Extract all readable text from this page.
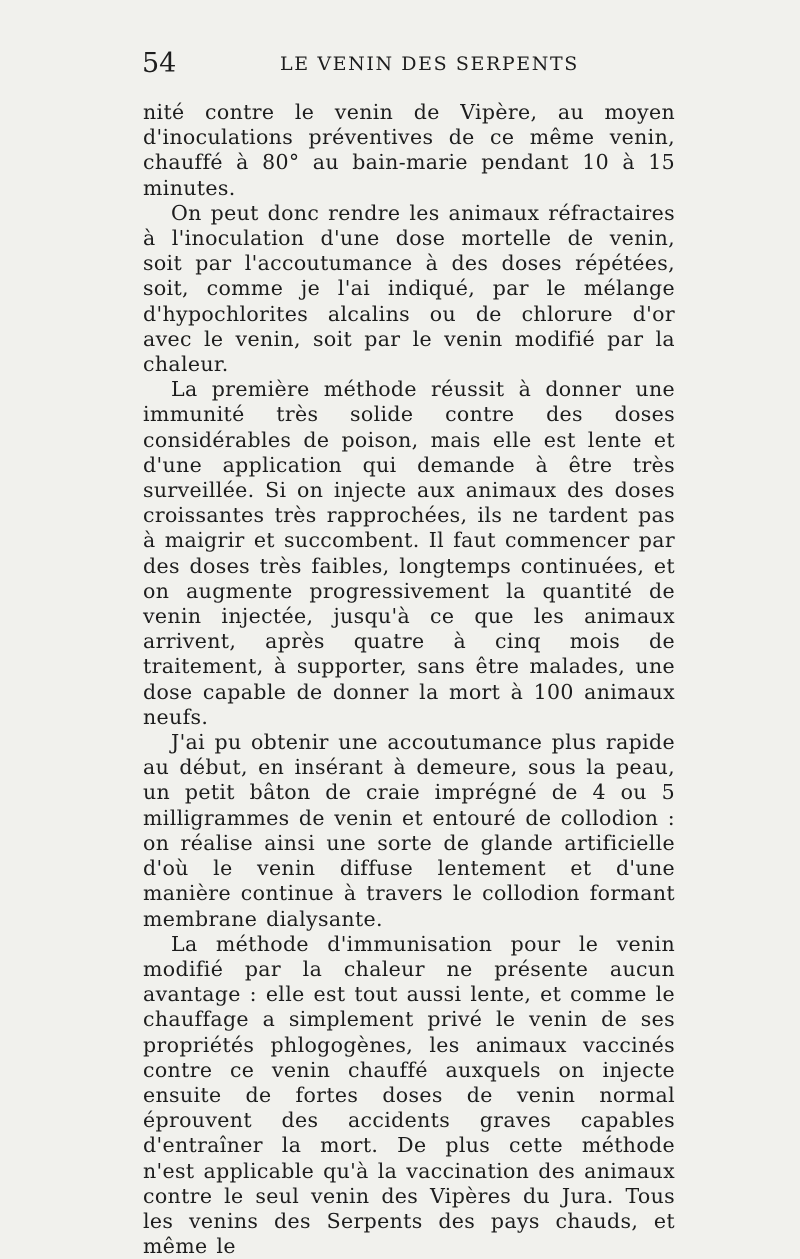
54	LE VENIN DES SERPENTS

nité contre le venin de Vipère, au moyen d'inoculations préventives de ce même venin, chauffé à 80° au bain-marie pendant 10 à 15 minutes.

On peut donc rendre les animaux réfractaires à l'inoculation d'une dose mortelle de venin, soit par l'accoutumance à des doses répétées, soit, comme je l'ai indiqué, par le mélange d'hypochlorites alcalins ou de chlorure d'or avec le venin, soit par le venin modifié par la chaleur.

La première méthode réussit à donner une immunité très solide contre des doses considérables de poison, mais elle est lente et d'une application qui demande à être très surveillée. Si on injecte aux animaux des doses croissantes très rapprochées, ils ne tardent pas à maigrir et succombent. Il faut commencer par des doses très faibles, longtemps continuées, et on augmente progressivement la quantité de venin injectée, jusqu'à ce que les animaux arrivent, après quatre à cinq mois de traitement, à supporter, sans être malades, une dose capable de donner la mort à 100 animaux neufs.

J'ai pu obtenir une accoutumance plus rapide au début, en insérant à demeure, sous la peau, un petit bâton de craie imprégné de 4 ou 5 milligrammes de venin et entouré de collodion : on réalise ainsi une sorte de glande artificielle d'où le venin diffuse lentement et d'une manière continue à travers le collodion formant membrane dialysante.

La méthode d'immunisation pour le venin modifié par la chaleur ne présente aucun avantage : elle est tout aussi lente, et comme le chauffage a simplement privé le venin de ses propriétés phlogogènes, les animaux vaccinés contre ce venin chauffé auxquels on injecte ensuite de fortes doses de venin normal éprouvent des accidents graves capables d'entraîner la mort. De plus cette méthode n'est applicable qu'à la vaccination des animaux contre le seul venin des Vipères du Jura. Tous les venins des Serpents des pays chauds, et même le
